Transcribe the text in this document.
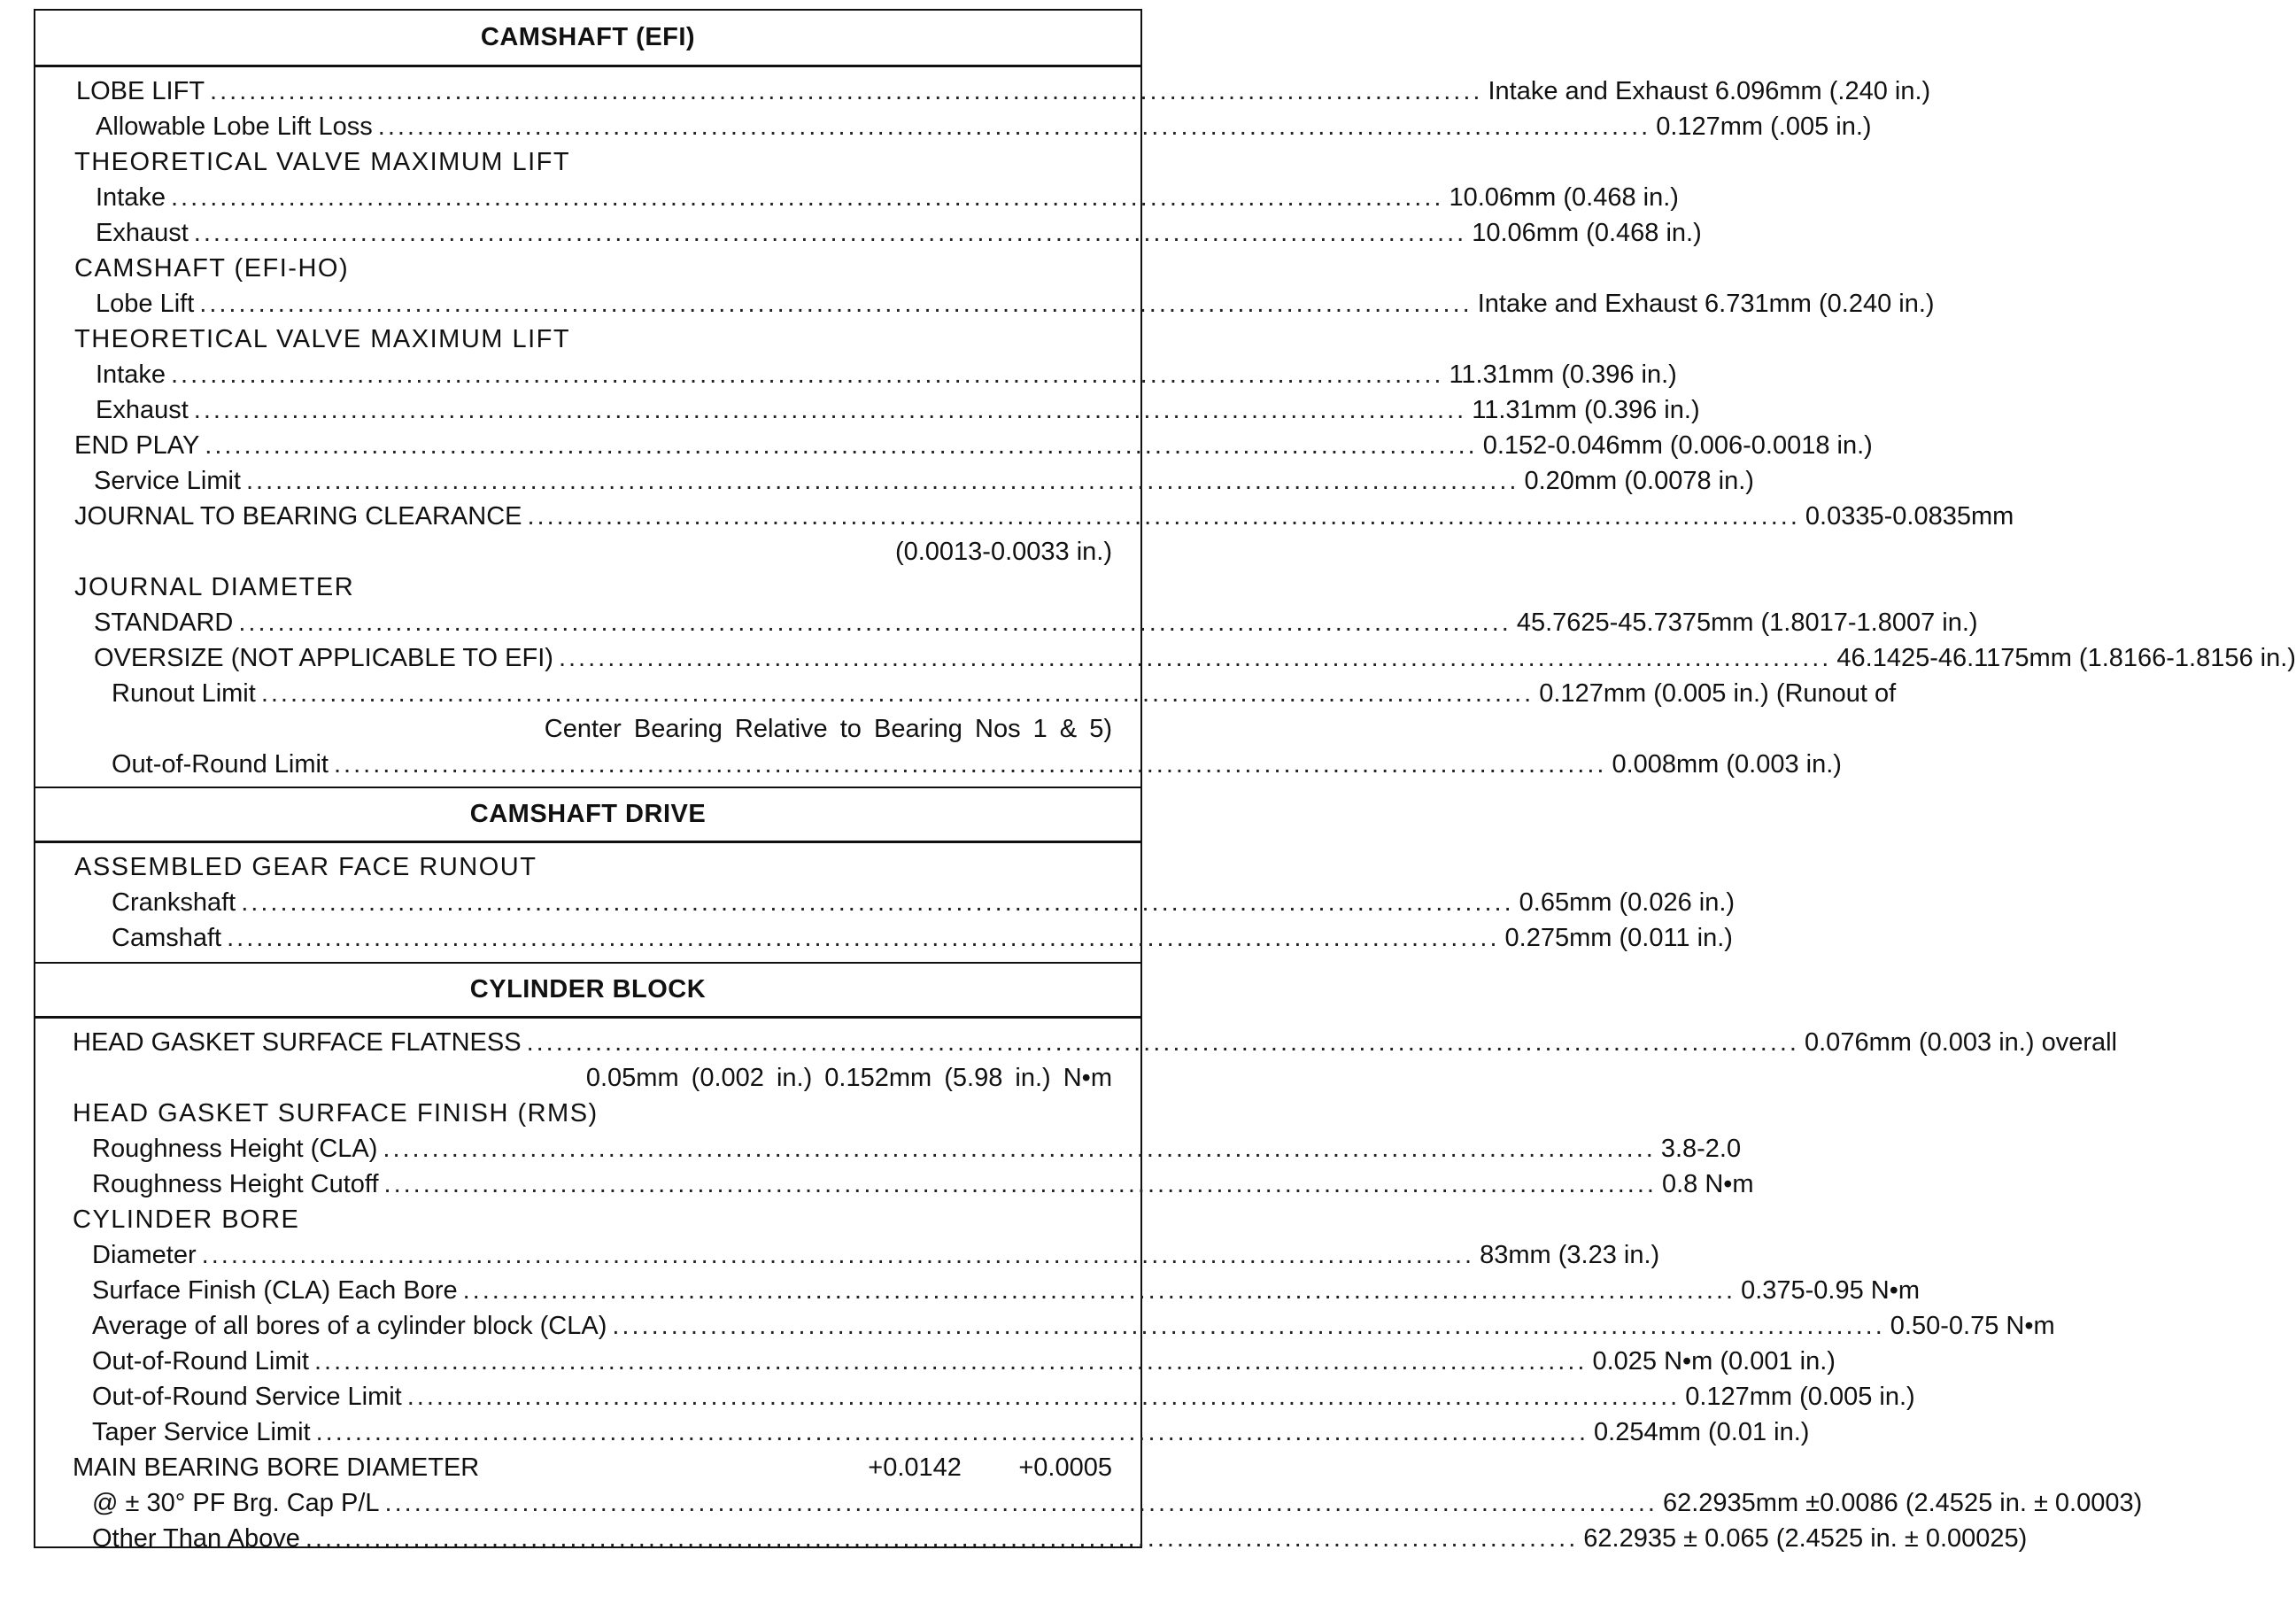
CAMSHAFT (EFI)
LOBE LIFT .................................................................................................................................. Intake and Exhaust 6.096mm (.240 in.)
Allowable Lobe Lift Loss .................................................................................................................................. 0.127mm (.005 in.)
THEORETICAL VALVE MAXIMUM LIFT
Intake .................................................................................................................................. 10.06mm (0.468 in.)
Exhaust .................................................................................................................................. 10.06mm (0.468 in.)
CAMSHAFT (EFI-HO)
Lobe Lift .................................................................................................................................. Intake and Exhaust 6.731mm (0.240 in.)
THEORETICAL VALVE MAXIMUM LIFT
Intake .................................................................................................................................. 11.31mm (0.396 in.)
Exhaust .................................................................................................................................. 11.31mm (0.396 in.)
END PLAY .................................................................................................................................. 0.152-0.046mm (0.006-0.0018 in.)
Service Limit .................................................................................................................................. 0.20mm (0.0078 in.)
JOURNAL TO BEARING CLEARANCE .................................................................................................................................. 0.0335-0.0835mm
(0.0013-0.0033 in.)
JOURNAL DIAMETER
STANDARD .................................................................................................................................. 45.7625-45.7375mm (1.8017-1.8007 in.)
OVERSIZE (NOT APPLICABLE TO EFI) .................................................................................................................................. 46.1425-46.1175mm (1.8166-1.8156 in.)
Runout Limit .................................................................................................................................. 0.127mm (0.005 in.) (Runout of
Center Bearing Relative to Bearing Nos 1 & 5)
Out-of-Round Limit .................................................................................................................................. 0.008mm (0.003 in.)
CAMSHAFT DRIVE
ASSEMBLED GEAR FACE RUNOUT
Crankshaft .................................................................................................................................. 0.65mm (0.026 in.)
Camshaft .................................................................................................................................. 0.275mm (0.011 in.)
CYLINDER BLOCK
HEAD GASKET SURFACE FLATNESS .................................................................................................................................. 0.076mm (0.003 in.) overall
0.05mm (0.002 in.) 0.152mm (5.98 in.) N•m
HEAD GASKET SURFACE FINISH (RMS)
Roughness Height (CLA) .................................................................................................................................. 3.8-2.0
Roughness Height Cutoff .................................................................................................................................. 0.8 N•m
CYLINDER BORE
Diameter .................................................................................................................................. 83mm (3.23 in.)
Surface Finish (CLA) Each Bore .................................................................................................................................. 0.375-0.95 N•m
Average of all bores of a cylinder block (CLA) .................................................................................................................................. 0.50-0.75 N•m
Out-of-Round Limit .................................................................................................................................. 0.025 N•m (0.001 in.)
Out-of-Round Service Limit .................................................................................................................................. 0.127mm (0.005 in.)
Taper Service Limit .................................................................................................................................. 0.254mm (0.01 in.)
MAIN BEARING BORE DIAMETER	+0.0142        +0.0005
@ ± 30° PF Brg. Cap P/L .................................................................................................................................. 62.2935mm ±0.0086 (2.4525 in. ± 0.0003)
Other Than Above .................................................................................................................................. 62.2935 ± 0.065 (2.4525 in. ± 0.00025)
